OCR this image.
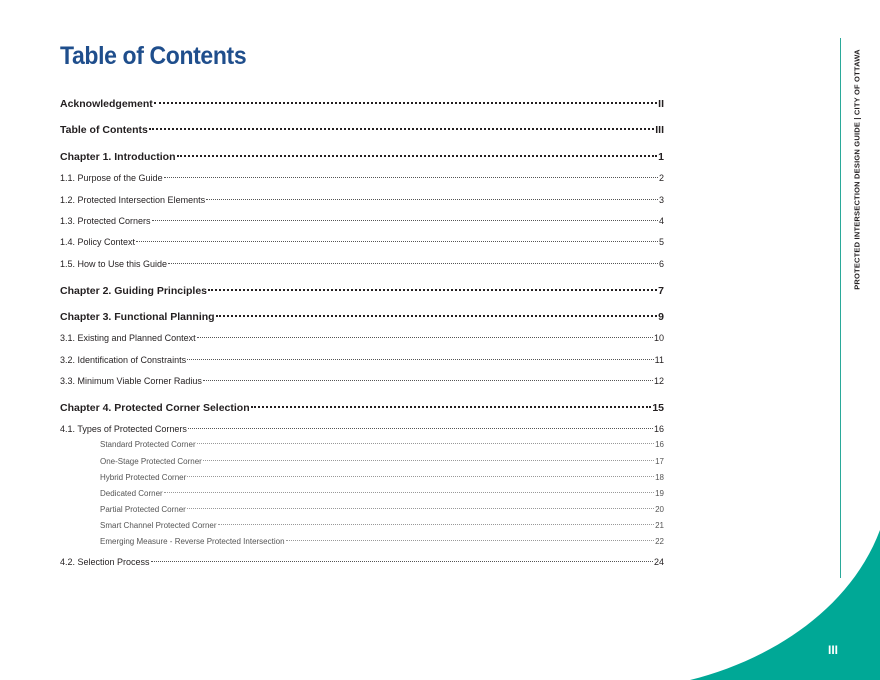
Table of Contents
Acknowledgement	II
Table of Contents	III
Chapter 1. Introduction	1
1.1. Purpose of the Guide	2
1.2. Protected Intersection Elements	3
1.3. Protected Corners	4
1.4. Policy Context	5
1.5. How to Use this Guide	6
Chapter 2. Guiding Principles	7
Chapter 3. Functional Planning	9
3.1. Existing and Planned Context	10
3.2. Identification of Constraints	11
3.3. Minimum Viable Corner Radius	12
Chapter 4. Protected Corner Selection	15
4.1. Types of Protected Corners	16
Standard Protected Corner	16
One-Stage Protected Corner	17
Hybrid Protected Corner	18
Dedicated Corner	19
Partial Protected Corner	20
Smart Channel Protected Corner	21
Emerging Measure - Reverse Protected Intersection	22
4.2. Selection Process	24
PROTECTED INTERSECTION DESIGN GUIDE | CITY OF OTTAWA
III
